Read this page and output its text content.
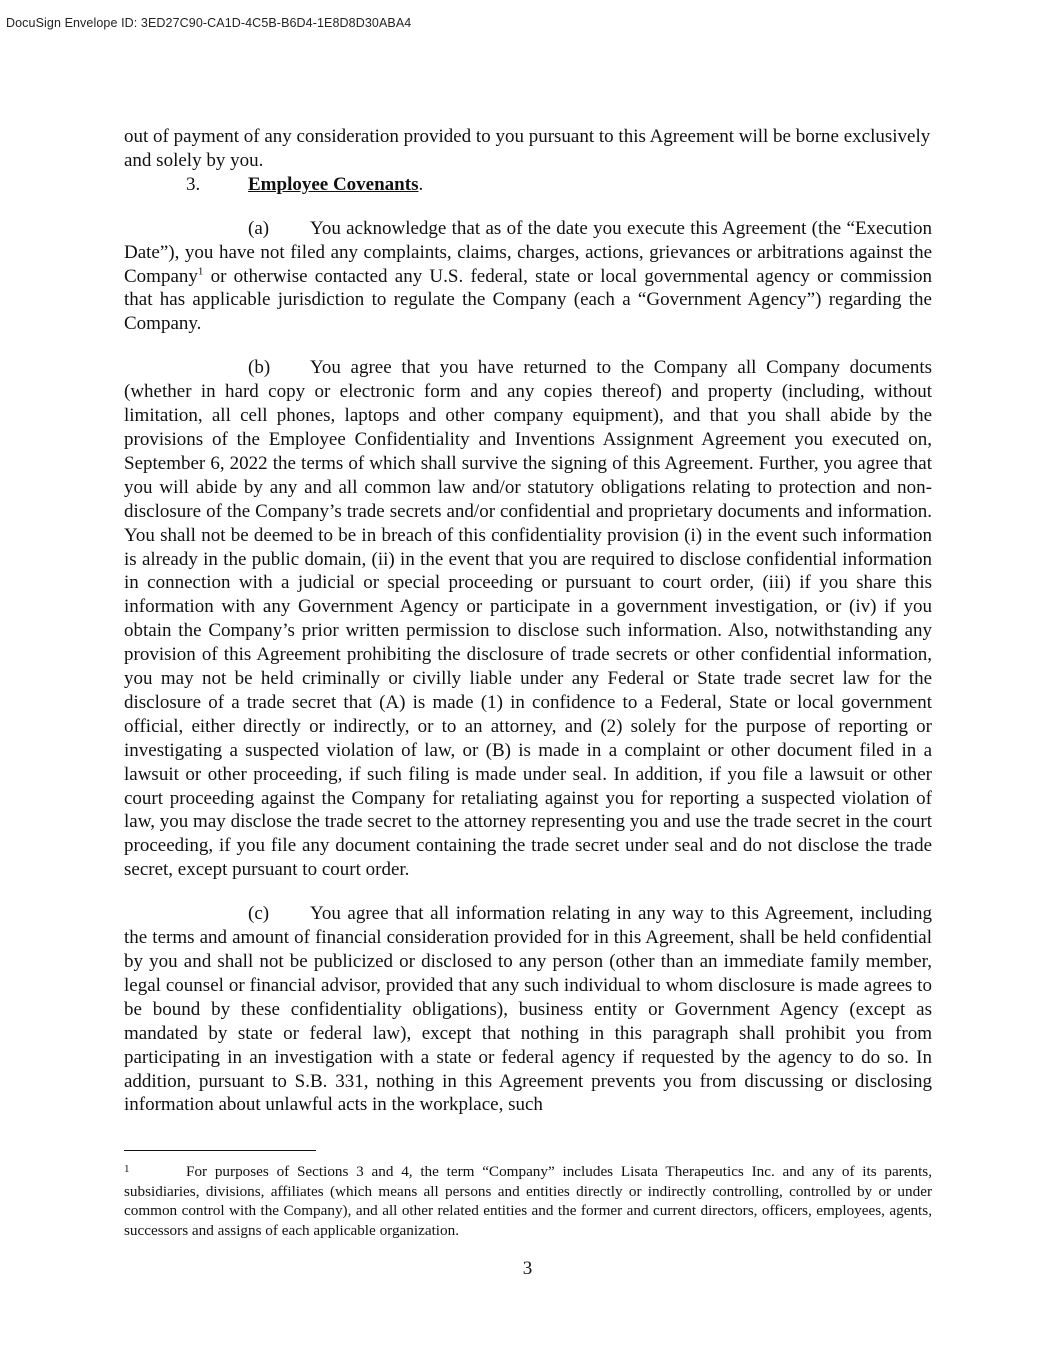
DocuSign Envelope ID: 3ED27C90-CA1D-4C5B-B6D4-1E8D8D30ABA4

out of payment of any consideration provided to you pursuant to this Agreement will be borne exclusively and solely by you.

3.	Employee Covenants.

(a) You acknowledge that as of the date you execute this Agreement (the “Execution Date”), you have not filed any complaints, claims, charges, actions, grievances or arbitrations against the Company$^1$ or otherwise contacted any U.S. federal, state or local governmental agency or commission that has applicable jurisdiction to regulate the Company (each a “Government Agency”) regarding the Company.

(b) You agree that you have returned to the Company all Company documents (whether in hard copy or electronic form and any copies thereof) and property (including, without limitation, all cell phones, laptops and other company equipment), and that you shall abide by the provisions of the Employee Confidentiality and Inventions Assignment Agreement you executed on, September 6, 2022 the terms of which shall survive the signing of this Agreement. Further, you agree that you will abide by any and all common law and/or statutory obligations relating to protection and non-disclosure of the Company’s trade secrets and/or confidential and proprietary documents and information. You shall not be deemed to be in breach of this confidentiality provision (i) in the event such information is already in the public domain, (ii) in the event that you are required to disclose confidential information in connection with a judicial or special proceeding or pursuant to court order, (iii) if you share this information with any Government Agency or participate in a government investigation, or (iv) if you obtain the Company’s prior written permission to disclose such information. Also, notwithstanding any provision of this Agreement prohibiting the disclosure of trade secrets or other confidential information, you may not be held criminally or civilly liable under any Federal or State trade secret law for the disclosure of a trade secret that (A) is made (1) in confidence to a Federal, State or local government official, either directly or indirectly, or to an attorney, and (2) solely for the purpose of reporting or investigating a suspected violation of law, or (B) is made in a complaint or other document filed in a lawsuit or other proceeding, if such filing is made under seal. In addition, if you file a lawsuit or other court proceeding against the Company for retaliating against you for reporting a suspected violation of law, you may disclose the trade secret to the attorney representing you and use the trade secret in the court proceeding, if you file any document containing the trade secret under seal and do not disclose the trade secret, except pursuant to court order.

(c) You agree that all information relating in any way to this Agreement, including the terms and amount of financial consideration provided for in this Agreement, shall be held confidential by you and shall not be publicized or disclosed to any person (other than an immediate family member, legal counsel or financial advisor, provided that any such individual to whom disclosure is made agrees to be bound by these confidentiality obligations), business entity or Government Agency (except as mandated by state or federal law), except that nothing in this paragraph shall prohibit you from participating in an investigation with a state or federal agency if requested by the agency to do so. In addition, pursuant to S.B. 331, nothing in this Agreement prevents you from discussing or disclosing information about unlawful acts in the workplace, such

1	For purposes of Sections 3 and 4, the term “Company” includes Lisata Therapeutics Inc. and any of its parents, subsidiaries, divisions, affiliates (which means all persons and entities directly or indirectly controlling, controlled by or under common control with the Company), and all other related entities and the former and current directors, officers, employees, agents, successors and assigns of each applicable organization.
3
